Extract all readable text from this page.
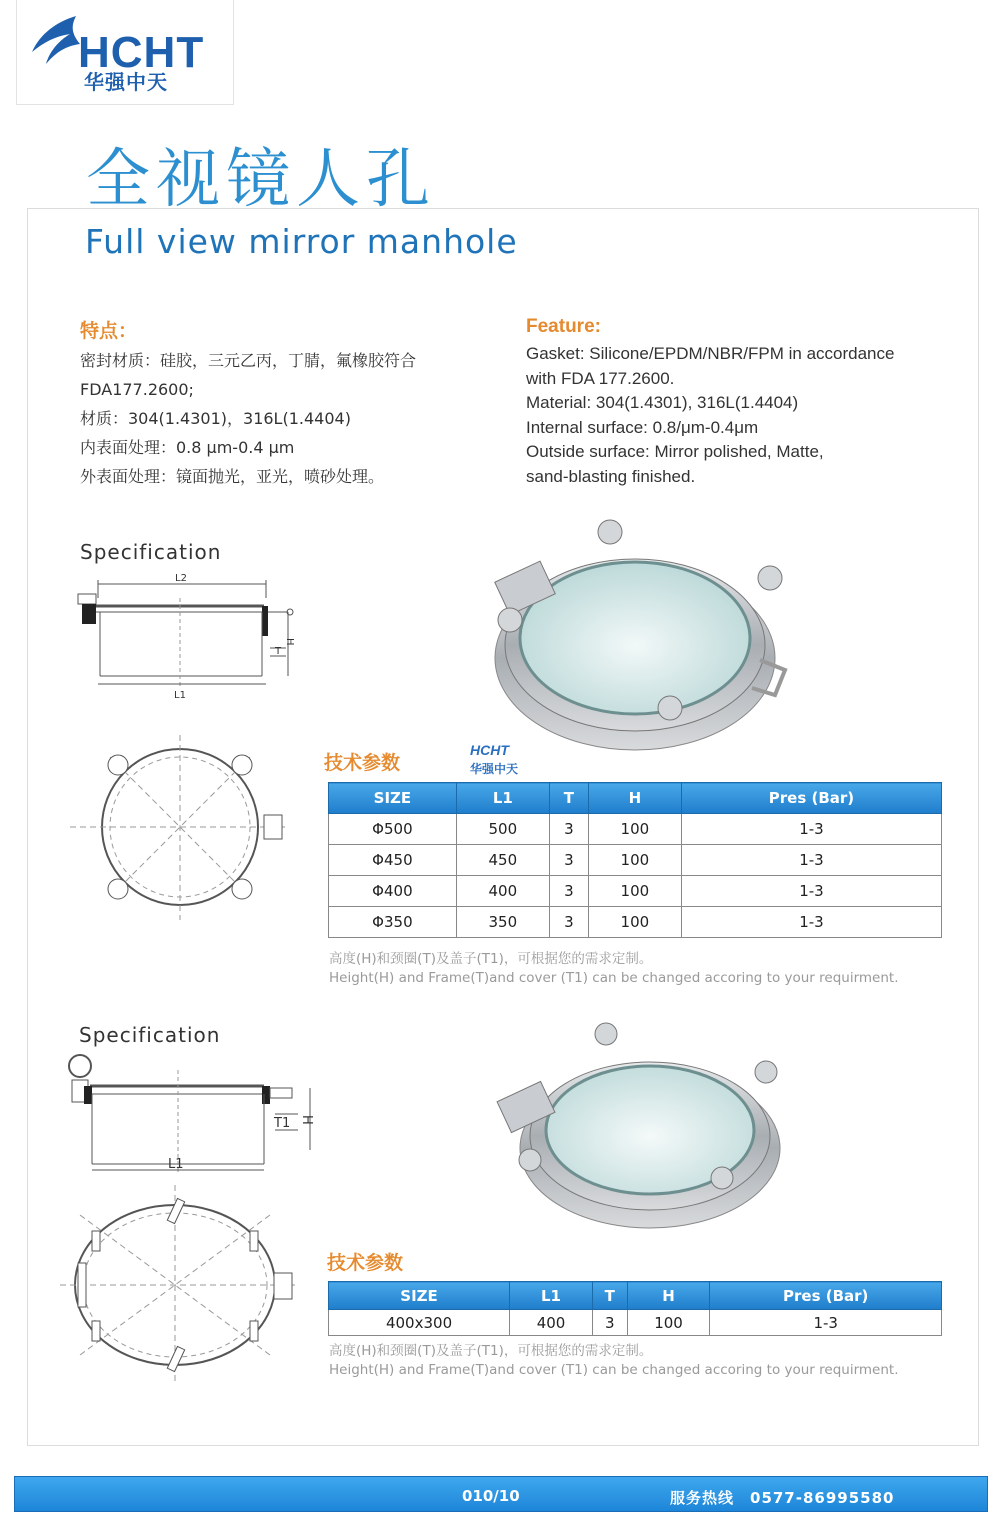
HCHT
华强中天
全视镜人孔
Full view mirror manhole
特点：
密封材质：硅胶，三元乙丙，丁腈，氟橡胶符合
FDA177.2600;
材质：304(1.4301)，316L(1.4404)
内表面处理：0.8 μm-0.4 μm
外表面处理：镜面抛光，亚光，喷砂处理。
Feature:
Gasket: Silicone/EPDM/NBR/FPM in accordance
with FDA 177.2600.
Material: 304(1.4301), 316L(1.4404)
Internal surface: 0.8/μm-0.4μm
Outside surface: Mirror polished, Matte,
sand-blasting finished.
Specification
L2
L1
T
H
技术参数
HCHT
华强中天
SIZE	L1	T	H	Pres (Bar)
Φ500	500	3	100	1-3
Φ450	450	3	100	1-3
Φ400	400	3	100	1-3
Φ350	350	3	100	1-3
高度(H)和颈圈(T)及盖子(T1)，可根据您的需求定制。
Height(H) and Frame(T)and cover (T1) can be changed accoring to your requirment.
Specification
L1
T1 H
技术参数
SIZE	L1	T	H	Pres (Bar)
400x300	400	3	100	1-3
高度(H)和颈圈(T)及盖子(T1)，可根据您的需求定制。
Height(H) and Frame(T)and cover (T1) can be changed accoring to your requirment.
010/10	服务热线　0577-86995580
